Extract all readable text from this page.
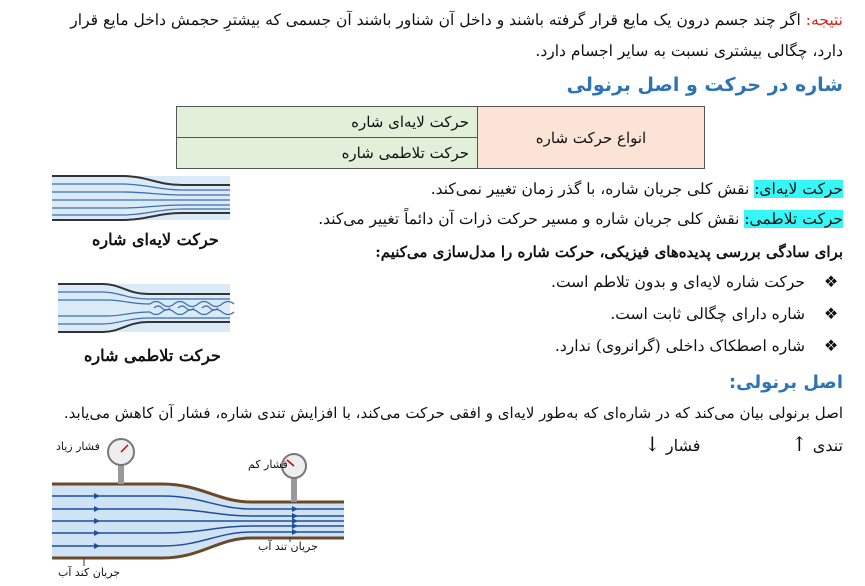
نتیجه: اگر چند جسم درون یک مایع قرار گرفته باشند و داخل آن شناور باشند آن جسمی که بیشترِ حجمش داخل مایع قرار
دارد، چگالی بیشتری نسبت به سایر اجسام دارد.
شاره در حرکت و اصل برنولی
انواع حرکت شاره	حرکت لایه‌ای شاره
حرکت تلاطمی شاره
حرکت لایه‌ای: نقش کلی جریان شاره، با گذر زمان تغییر نمی‌کند.
حرکت تلاطمی: نقش کلی جریان شاره و مسیر حرکت ذرات آن دائماً تغییر می‌کند.
برای سادگی بررسی پدیده‌های فیزیکی، حرکت شاره را مدل‌سازی می‌کنیم:
❖حرکت شاره لایه‌ای و بدون تلاطم است.
❖شاره دارای چگالی ثابت است.
❖شاره اصطکاک داخلی (گرانروی) ندارد.
حرکت لایه‌ای شاره
حرکت تلاطمی شاره
اصل برنولی:
اصل برنولی بیان می‌کند که در شاره‌ای که به‌طور لایه‌ای و افقی حرکت می‌کند، با افزایش تندی شاره، فشار آن کاهش می‌یابد.
تندی ↑
فشار ↓
فشار زیاد
فشار کم
جریان کند آب
جریان تند آب
